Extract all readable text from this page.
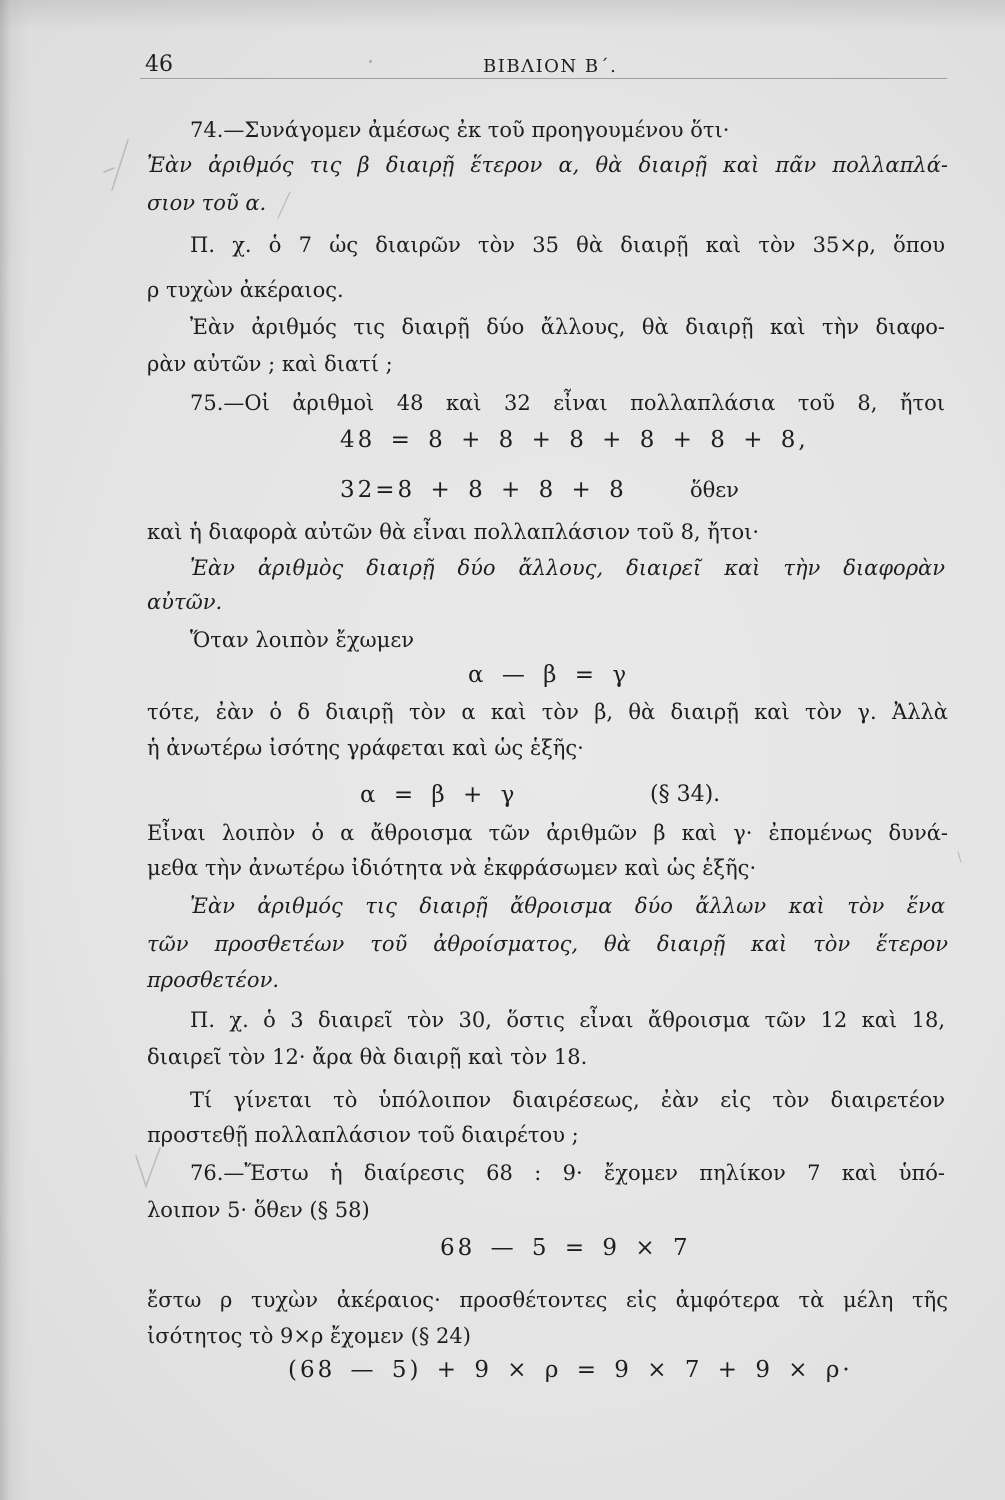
46	ΒΙΒΛΙΟΝ Β΄.
74.—Συνάγομεν ἀμέσως ἐκ τοῦ προηγουμένου ὅτι·
Ἐὰν ἀριθμός τις β διαιρῇ ἕτερον α, θὰ διαιρῇ καὶ πᾶν πολλαπλά-
σιον τοῦ α.
Π. χ. ὁ 7 ὡς διαιρῶν τὸν 35 θὰ διαιρῇ καὶ τὸν 35×ρ, ὅπου
ρ τυχὼν ἀκέραιος.
Ἐὰν ἀριθμός τις διαιρῇ δύο ἄλλους, θὰ διαιρῇ καὶ τὴν διαφο-
ρὰν αὐτῶν ; καὶ διατί ;
75.—Οἱ ἀριθμοὶ 48 καὶ 32 εἶναι πολλαπλάσια τοῦ 8, ἤτοι
48 = 8 + 8 + 8 + 8 + 8 + 8,
32=8 + 8 + 8 + 8	ὅθεν
καὶ ἡ διαφορὰ αὐτῶν θὰ εἶναι πολλαπλάσιον τοῦ 8, ἤτοι·
Ἐὰν ἀριθμὸς διαιρῇ δύο ἄλλους, διαιρεῖ καὶ τὴν διαφορὰν
αὐτῶν.
Ὅταν λοιπὸν ἔχωμεν
α — β = γ
τότε, ἐὰν ὁ δ διαιρῇ τὸν α καὶ τὸν β, θὰ διαιρῇ καὶ τὸν γ. Ἀλλὰ
ἡ ἀνωτέρω ἰσότης γράφεται καὶ ὡς ἑξῆς·
α = β + γ	(§ 34).
Εἶναι λοιπὸν ὁ α ἄθροισμα τῶν ἀριθμῶν β καὶ γ· ἐπομένως δυνά-
μεθα τὴν ἀνωτέρω ἰδιότητα νὰ ἐκφράσωμεν καὶ ὡς ἑξῆς·
Ἐὰν ἀριθμός τις διαιρῇ ἄθροισμα δύο ἄλλων καὶ τὸν ἕνα
τῶν προσθετέων τοῦ ἀθροίσματος, θὰ διαιρῇ καὶ τὸν ἕτερον
προσθετέον.
Π. χ. ὁ 3 διαιρεῖ τὸν 30, ὅστις εἶναι ἄθροισμα τῶν 12 καὶ 18,
διαιρεῖ τὸν 12· ἄρα θὰ διαιρῇ καὶ τὸν 18.
Τί γίνεται τὸ ὑπόλοιπον διαιρέσεως, ἐὰν εἰς τὸν διαιρετέον
προστεθῇ πολλαπλάσιον τοῦ διαιρέτου ;
76.—Ἔστω ἡ διαίρεσις 68 : 9· ἔχομεν πηλίκον 7 καὶ ὑπό-
λοιπον 5· ὅθεν (§ 58)
68 — 5 = 9 × 7
ἔστω ρ τυχὼν ἀκέραιος· προσθέτοντες εἰς ἀμφότερα τὰ μέλη τῆς
ἰσότητος τὸ 9×ρ ἔχομεν (§ 24)
(68 — 5) + 9 × ρ = 9 × 7 + 9 × ρ·
